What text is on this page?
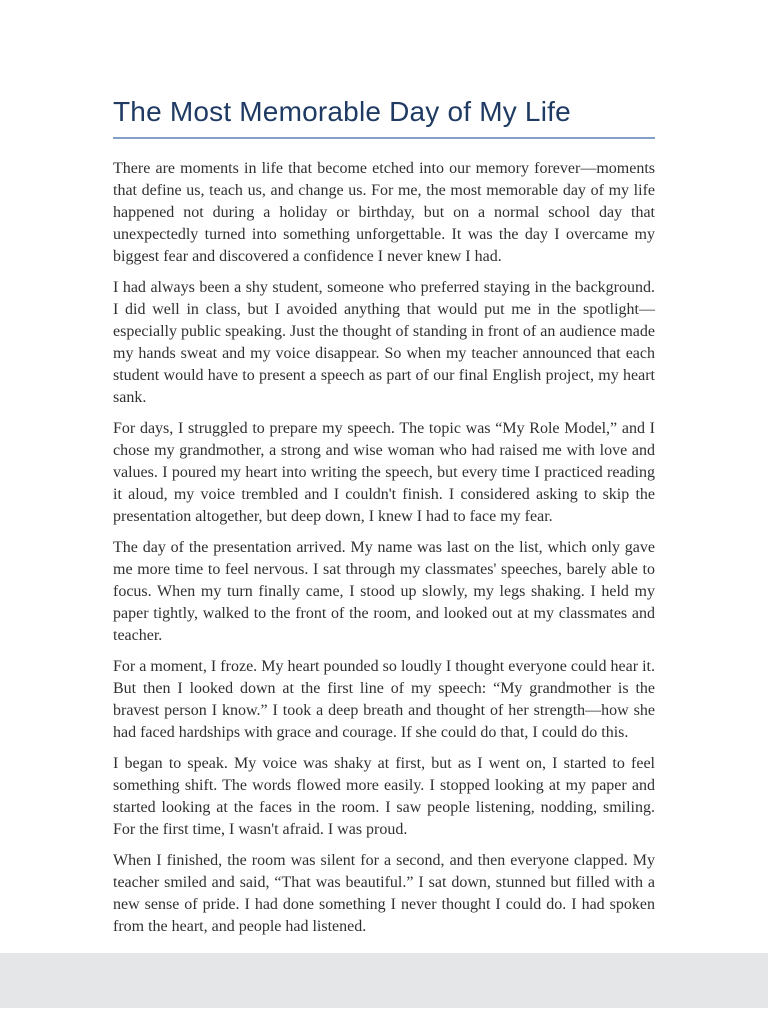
The Most Memorable Day of My Life

There are moments in life that become etched into our memory forever—moments that define us, teach us, and change us. For me, the most memorable day of my life happened not during a holiday or birthday, but on a normal school day that unexpectedly turned into something unforgettable. It was the day I overcame my biggest fear and discovered a confidence I never knew I had.

I had always been a shy student, someone who preferred staying in the background. I did well in class, but I avoided anything that would put me in the spotlight—especially public speaking. Just the thought of standing in front of an audience made my hands sweat and my voice disappear. So when my teacher announced that each student would have to present a speech as part of our final English project, my heart sank.

For days, I struggled to prepare my speech. The topic was “My Role Model,” and I chose my grandmother, a strong and wise woman who had raised me with love and values. I poured my heart into writing the speech, but every time I practiced reading it aloud, my voice trembled and I couldn't finish. I considered asking to skip the presentation altogether, but deep down, I knew I had to face my fear.

The day of the presentation arrived. My name was last on the list, which only gave me more time to feel nervous. I sat through my classmates' speeches, barely able to focus. When my turn finally came, I stood up slowly, my legs shaking. I held my paper tightly, walked to the front of the room, and looked out at my classmates and teacher.

For a moment, I froze. My heart pounded so loudly I thought everyone could hear it. But then I looked down at the first line of my speech: “My grandmother is the bravest person I know.” I took a deep breath and thought of her strength—how she had faced hardships with grace and courage. If she could do that, I could do this.

I began to speak. My voice was shaky at first, but as I went on, I started to feel something shift. The words flowed more easily. I stopped looking at my paper and started looking at the faces in the room. I saw people listening, nodding, smiling. For the first time, I wasn't afraid. I was proud.

When I finished, the room was silent for a second, and then everyone clapped. My teacher smiled and said, “That was beautiful.” I sat down, stunned but filled with a new sense of pride. I had done something I never thought I could do. I had spoken from the heart, and people had listened.
